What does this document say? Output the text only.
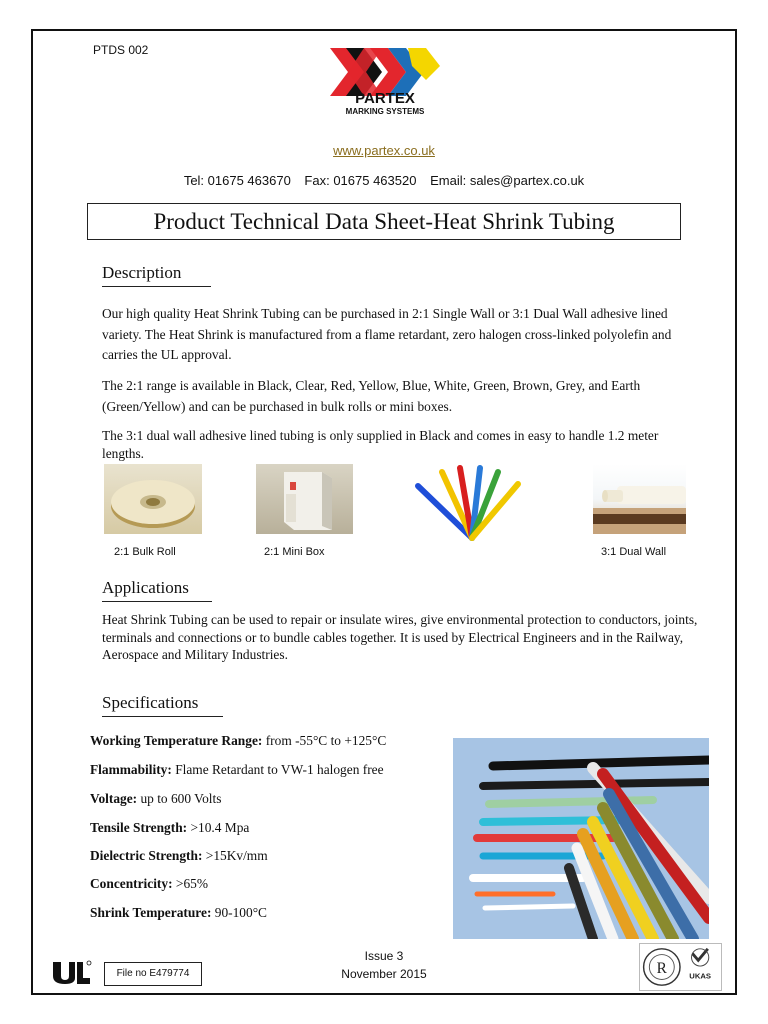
PTDS 002
PARTEX
MARKING SYSTEMS
www.partex.co.uk
Tel: 01675 463670 Fax: 01675 463520 Email: sales@partex.co.uk
Product Technical Data Sheet-Heat Shrink Tubing
Description
Our high quality Heat Shrink Tubing can be purchased in 2:1 Single Wall or 3:1 Dual Wall adhesive lined variety. The Heat Shrink is manufactured from a flame retardant, zero halogen cross-linked polyolefin and carries the UL approval.
The 2:1 range is available in Black, Clear, Red, Yellow, Blue, White, Green, Brown, Grey, and Earth (Green/Yellow) and can be purchased in bulk rolls or mini boxes.
The 3:1 dual wall adhesive lined tubing is only supplied in Black and comes in easy to handle 1.2 meter lengths.
2:1 Bulk Roll	2:1 Mini Box	3:1 Dual Wall
Applications
Heat Shrink Tubing can be used to repair or insulate wires, give environmental protection to conductors, joints, terminals and connections or to bundle cables together. It is used by Electrical Engineers and in the Railway, Aerospace and Military Industries.
Specifications
Working Temperature Range: from -55°C to +125°C
Flammability: Flame Retardant to VW-1 halogen free
Voltage: up to 600 Volts
Tensile Strength: >10.4 Mpa
Dielectric Strength: >15Kv/mm
Concentricity: >65%
Shrink Temperature: 90-100°C
File no E479774
Issue 3
November 2015	R	UKAS
